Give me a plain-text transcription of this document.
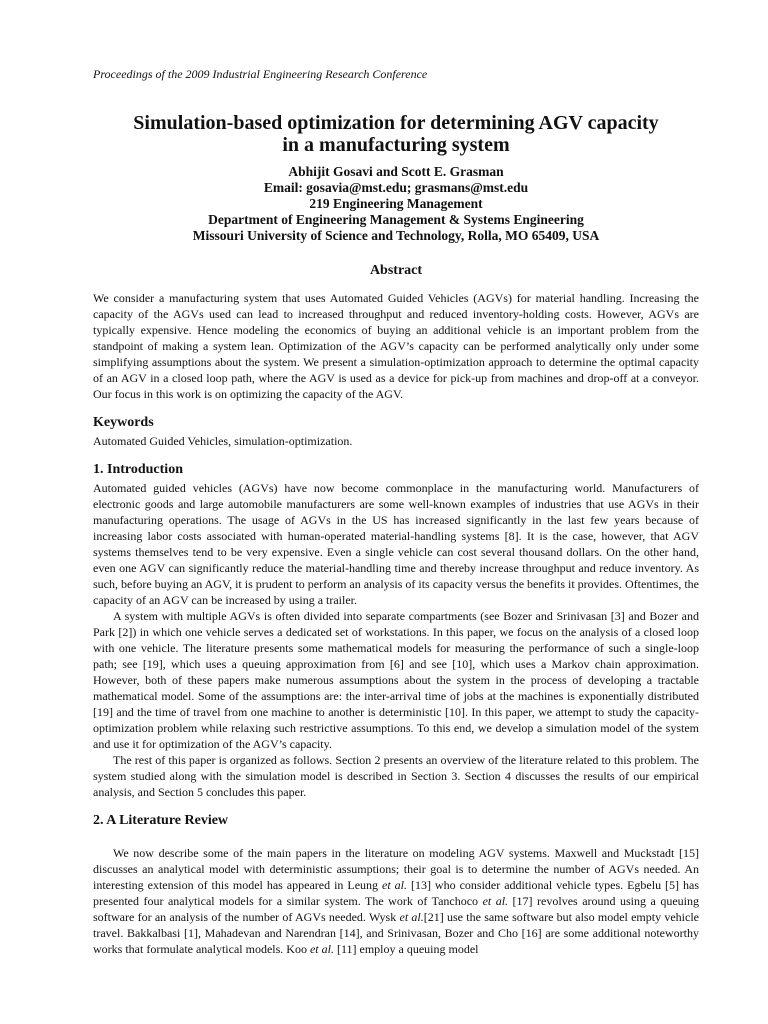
Proceedings of the 2009 Industrial Engineering Research Conference
Simulation-based optimization for determining AGV capacity
in a manufacturing system
Abhijit Gosavi and Scott E. Grasman
Email: gosavia@mst.edu; grasmans@mst.edu
219 Engineering Management
Department of Engineering Management & Systems Engineering
Missouri University of Science and Technology, Rolla, MO 65409, USA
Abstract

We consider a manufacturing system that uses Automated Guided Vehicles (AGVs) for material handling. Increasing the capacity of the AGVs used can lead to increased throughput and reduced inventory-holding costs. However, AGVs are typically expensive. Hence modeling the economics of buying an additional vehicle is an important problem from the standpoint of making a system lean. Optimization of the AGV’s capacity can be performed analytically only under some simplifying assumptions about the system. We present a simulation-optimization approach to determine the optimal capacity of an AGV in a closed loop path, where the AGV is used as a device for pick-up from machines and drop-off at a conveyor. Our focus in this work is on optimizing the capacity of the AGV.

Keywords
Automated Guided Vehicles, simulation-optimization.
1. Introduction

Automated guided vehicles (AGVs) have now become commonplace in the manufacturing world. Manufacturers of electronic goods and large automobile manufacturers are some well-known examples of industries that use AGVs in their manufacturing operations. The usage of AGVs in the US has increased significantly in the last few years because of increasing labor costs associated with human-operated material-handling systems [8]. It is the case, however, that AGV systems themselves tend to be very expensive. Even a single vehicle can cost several thousand dollars. On the other hand, even one AGV can significantly reduce the material-handling time and thereby increase throughput and reduce inventory. As such, before buying an AGV, it is prudent to perform an analysis of its capacity versus the benefits it provides. Oftentimes, the capacity of an AGV can be increased by using a trailer.

A system with multiple AGVs is often divided into separate compartments (see Bozer and Srinivasan [3] and Bozer and Park [2]) in which one vehicle serves a dedicated set of workstations. In this paper, we focus on the analysis of a closed loop with one vehicle. The literature presents some mathematical models for measuring the performance of such a single-loop path; see [19], which uses a queuing approximation from [6] and see [10], which uses a Markov chain approximation. However, both of these papers make numerous assumptions about the system in the process of developing a tractable mathematical model. Some of the assumptions are: the inter-arrival time of jobs at the machines is exponentially distributed [19] and the time of travel from one machine to another is deterministic [10]. In this paper, we attempt to study the capacity-optimization problem while relaxing such restrictive assumptions. To this end, we develop a simulation model of the system and use it for optimization of the AGV’s capacity.

The rest of this paper is organized as follows. Section 2 presents an overview of the literature related to this problem. The system studied along with the simulation model is described in Section 3. Section 4 discusses the results of our empirical analysis, and Section 5 concludes this paper.

2. A Literature Review

We now describe some of the main papers in the literature on modeling AGV systems. Maxwell and Muckstadt [15] discusses an analytical model with deterministic assumptions; their goal is to determine the number of AGVs needed. An interesting extension of this model has appeared in Leung et al. [13] who consider additional vehicle types. Egbelu [5] has presented four analytical models for a similar system. The work of Tanchoco et al. [17] revolves around using a queuing software for an analysis of the number of AGVs needed. Wysk et al.[21] use the same software but also model empty vehicle travel. Bakkalbasi [1], Mahadevan and Narendran [14], and Srinivasan, Bozer and Cho [16] are some additional noteworthy works that formulate analytical models. Koo et al. [11] employ a queuing model
